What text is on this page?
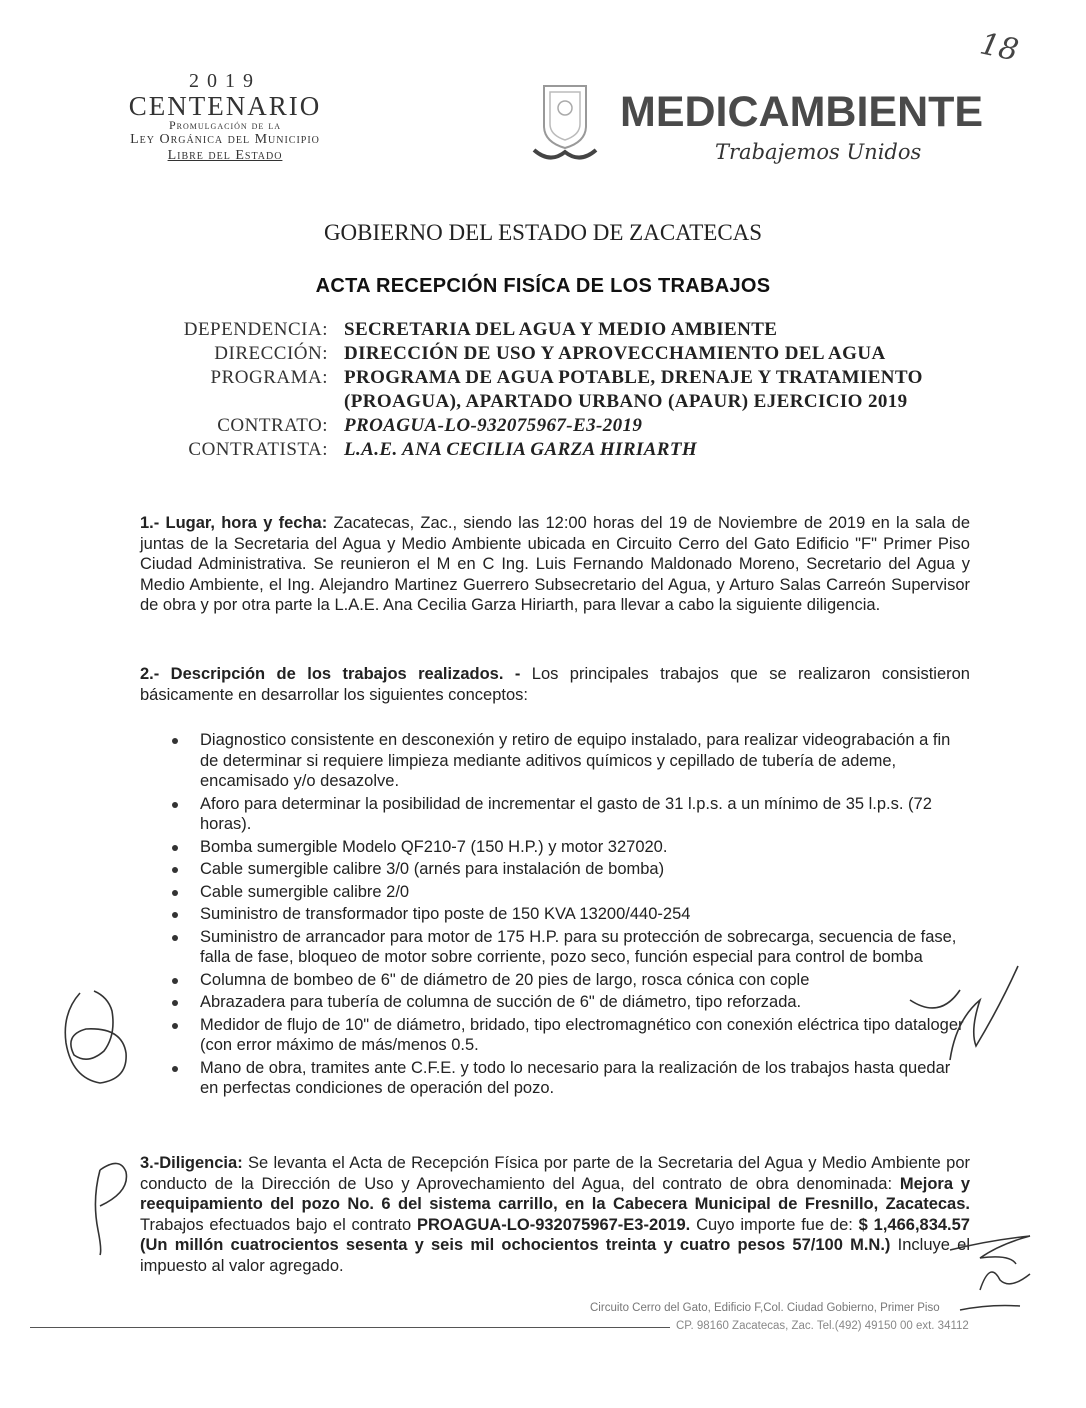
18
2019
CENTENARIO
Promulgación de la
Ley Orgánica del Municipio
Libre del Estado
MEDICAMBIENTE
Trabajemos Unidos
GOBIERNO DEL ESTADO DE ZACATECAS
ACTA RECEPCIÓN FISÍCA DE LOS TRABAJOS
DEPENDENCIA: SECRETARIA DEL AGUA Y MEDIO AMBIENTE
DIRECCIÓN: DIRECCIÓN DE USO Y APROVECCHAMIENTO DEL AGUA
PROGRAMA: PROGRAMA DE AGUA POTABLE, DRENAJE Y TRATAMIENTO
(PROAGUA), APARTADO URBANO (APAUR) EJERCICIO 2019
CONTRATO: PROAGUA-LO-932075967-E3-2019
CONTRATISTA: L.A.E. ANA CECILIA GARZA HIRIARTH
1.- Lugar, hora y fecha: Zacatecas, Zac., siendo las 12:00 horas del 19 de Noviembre de 2019 en la sala de juntas de la Secretaria del Agua y Medio Ambiente ubicada en Circuito Cerro del Gato Edificio "F" Primer Piso Ciudad Administrativa. Se reunieron el M en C Ing. Luis Fernando Maldonado Moreno, Secretario del Agua y Medio Ambiente, el Ing. Alejandro Martinez Guerrero Subsecretario del Agua, y Arturo Salas Carreón Supervisor de obra y por otra parte la L.A.E. Ana Cecilia Garza Hiriarth, para llevar a cabo la siguiente diligencia.
2.- Descripción de los trabajos realizados. - Los principales trabajos que se realizaron consistieron básicamente en desarrollar los siguientes conceptos:
Diagnostico consistente en desconexión y retiro de equipo instalado, para realizar videograbación a fin de determinar si requiere limpieza mediante aditivos químicos y cepillado de tubería de ademe, encamisado y/o desazolve.
Aforo para determinar la posibilidad de incrementar el gasto de 31 l.p.s. a un mínimo de 35 l.p.s. (72 horas).
Bomba sumergible Modelo QF210-7 (150 H.P.) y motor 327020.
Cable sumergible calibre 3/0 (arnés para instalación de bomba)
Cable sumergible calibre 2/0
Suministro de transformador tipo poste de 150 KVA 13200/440-254
Suministro de arrancador para motor de 175 H.P. para su protección de sobrecarga, secuencia de fase, falla de fase, bloqueo de motor sobre corriente, pozo seco, función especial para control de bomba
Columna de bombeo de 6" de diámetro de 20 pies de largo, rosca cónica con cople
Abrazadera para tubería de columna de succión de 6" de diámetro, tipo reforzada.
Medidor de flujo de 10" de diámetro, bridado, tipo electromagnético con conexión eléctrica tipo dataloger (con error máximo de más/menos 0.5.
Mano de obra, tramites ante C.F.E. y todo lo necesario para la realización de los trabajos hasta quedar en perfectas condiciones de operación del pozo.
3.-Diligencia: Se levanta el Acta de Recepción Física por parte de la Secretaria del Agua y Medio Ambiente por conducto de la Dirección de Uso y Aprovechamiento del Agua, del contrato de obra denominada: Mejora y reequipamiento del pozo No. 6 del sistema carrillo, en la Cabecera Municipal de Fresnillo, Zacatecas. Trabajos efectuados bajo el contrato PROAGUA-LO-932075967-E3-2019. Cuyo importe fue de: $ 1,466,834.57 (Un millón cuatrocientos sesenta y seis mil ochocientos treinta y cuatro pesos 57/100 M.N.) Incluye el impuesto al valor agregado.
Circuito Cerro del Gato, Edificio F,Col. Ciudad Gobierno, Primer Piso
CP. 98160 Zacatecas, Zac. Tel.(492) 49150 00 ext. 34112
